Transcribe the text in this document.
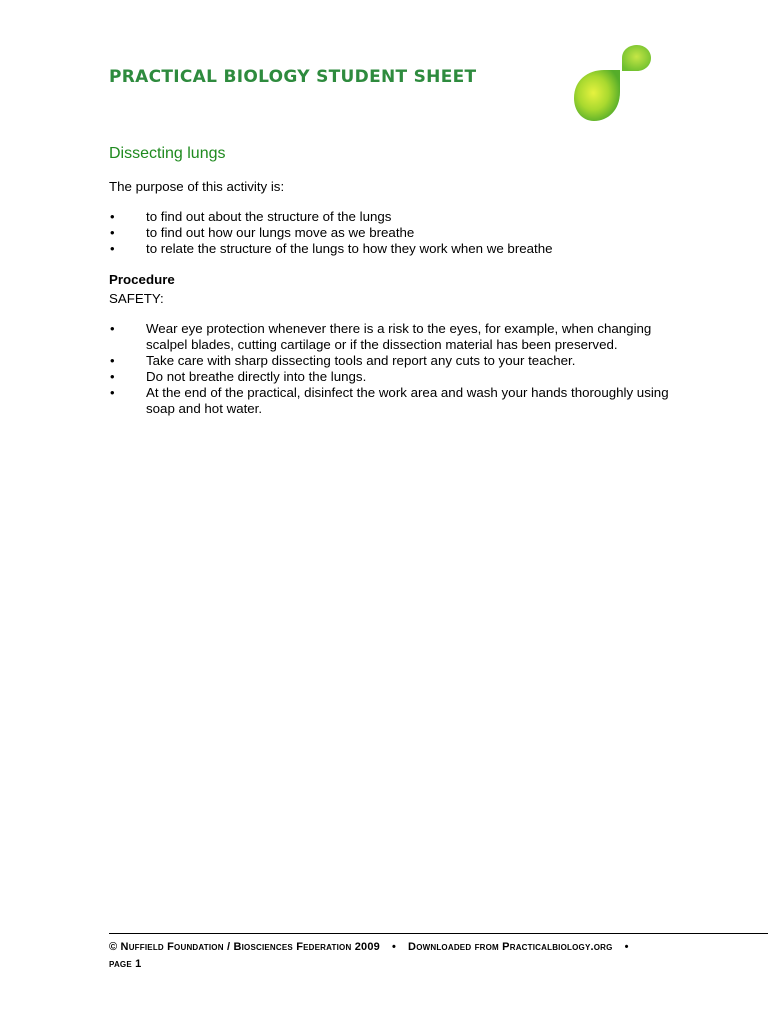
PRACTICAL BIOLOGY STUDENT SHEET
Dissecting lungs
The purpose of this activity is:
• to find out about the structure of the lungs
• to find out how our lungs move as we breathe
• to relate the structure of the lungs to how they work when we breathe
Procedure
SAFETY:
• Wear eye protection whenever there is a risk to the eyes, for example, when changing scalpel blades, cutting cartilage or if the dissection material has been preserved.
• Take care with sharp dissecting tools and report any cuts to your teacher.
• Do not breathe directly into the lungs.
• At the end of the practical, disinfect the work area and wash your hands thoroughly using soap and hot water.
© Nuffield Foundation / Biosciences Federation 2009 • Downloaded from Practicalbiology.org •
page 1
